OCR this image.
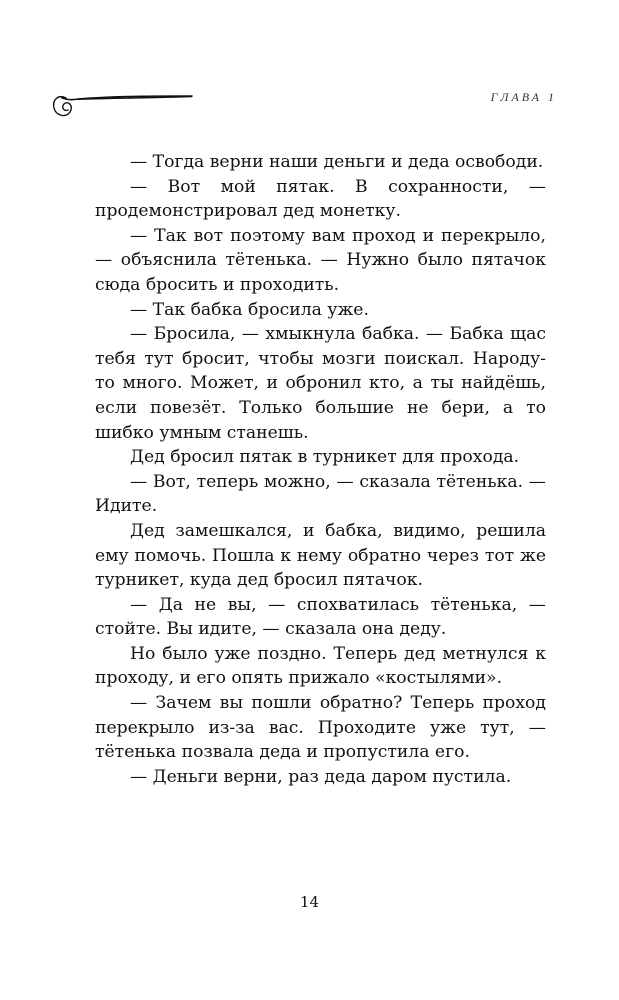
ГЛАВА 1

— Тогда верни наши деньги и деда освободи.

— Вот мой пятак. В сохранности, — продемонстрировал дед монетку.

— Так вот поэтому вам проход и перекрыло, — объяснила тётенька. — Нужно было пятачок сюда бросить и проходить.

— Так бабка бросила уже.

— Бросила, — хмыкнула бабка. — Бабка щас тебя тут бросит, чтобы мозги поискал. Народу-то много. Может, и обронил кто, а ты найдёшь, если повезёт. Только большие не бери, а то шибко умным станешь.

Дед бросил пятак в турникет для прохода.

— Вот, теперь можно, — сказала тётенька. — Идите.

Дед замешкался, и бабка, видимо, решила ему помочь. Пошла к нему обратно через тот же турникет, куда дед бросил пятачок.

— Да не вы, — спохватилась тётенька, — стойте. Вы идите, — сказала она деду.

Но было уже поздно. Теперь дед метнулся к проходу, и его опять прижало «костылями».

— Зачем вы пошли обратно? Теперь проход перекрыло из-за вас. Проходите уже тут, — тётенька позвала деда и пропустила его.

— Деньги верни, раз деда даром пустила.

14
